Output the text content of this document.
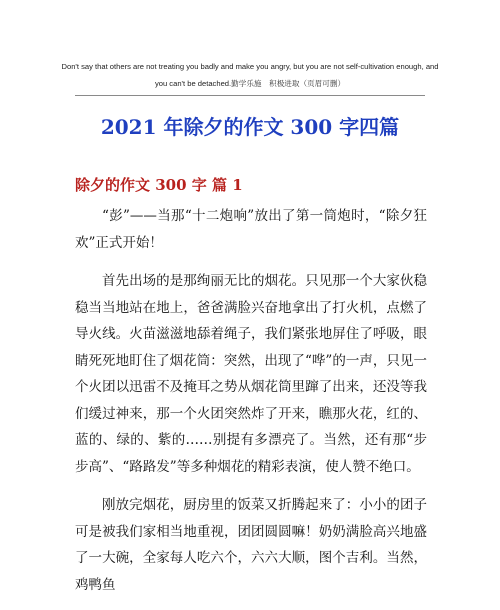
Don't say that others are not treating you badly and make you angry, but you are not self-cultivation enough, and
you can't be detached.勤学乐施　积极进取（页眉可删）
2021 年除夕的作文 300 字四篇
除夕的作文 300 字 篇 1

“彭”——当那“十二炮响”放出了第一筒炮时，“除夕狂欢”正式开始！

首先出场的是那绚丽无比的烟花。只见那一个大家伙稳稳当当地站在地上，爸爸满脸兴奋地拿出了打火机，点燃了导火线。火苗滋滋地舔着绳子，我们紧张地屏住了呼吸，眼睛死死地盯住了烟花筒：突然，出现了“哗”的一声，只见一个火团以迅雷不及掩耳之势从烟花筒里蹿了出来，还没等我们缓过神来，那一个火团突然炸了开来，瞧那火花，红的、蓝的、绿的、紫的……别提有多漂亮了。当然，还有那“步步高”、“路路发”等多种烟花的精彩表演，使人赞不绝口。

刚放完烟花，厨房里的饭菜又折腾起来了：小小的团子可是被我们家相当地重视，团团圆圆嘛！奶奶满脸高兴地盛了一大碗，全家每人吃六个，六六大顺，图个吉利。当然，鸡鸭鱼
